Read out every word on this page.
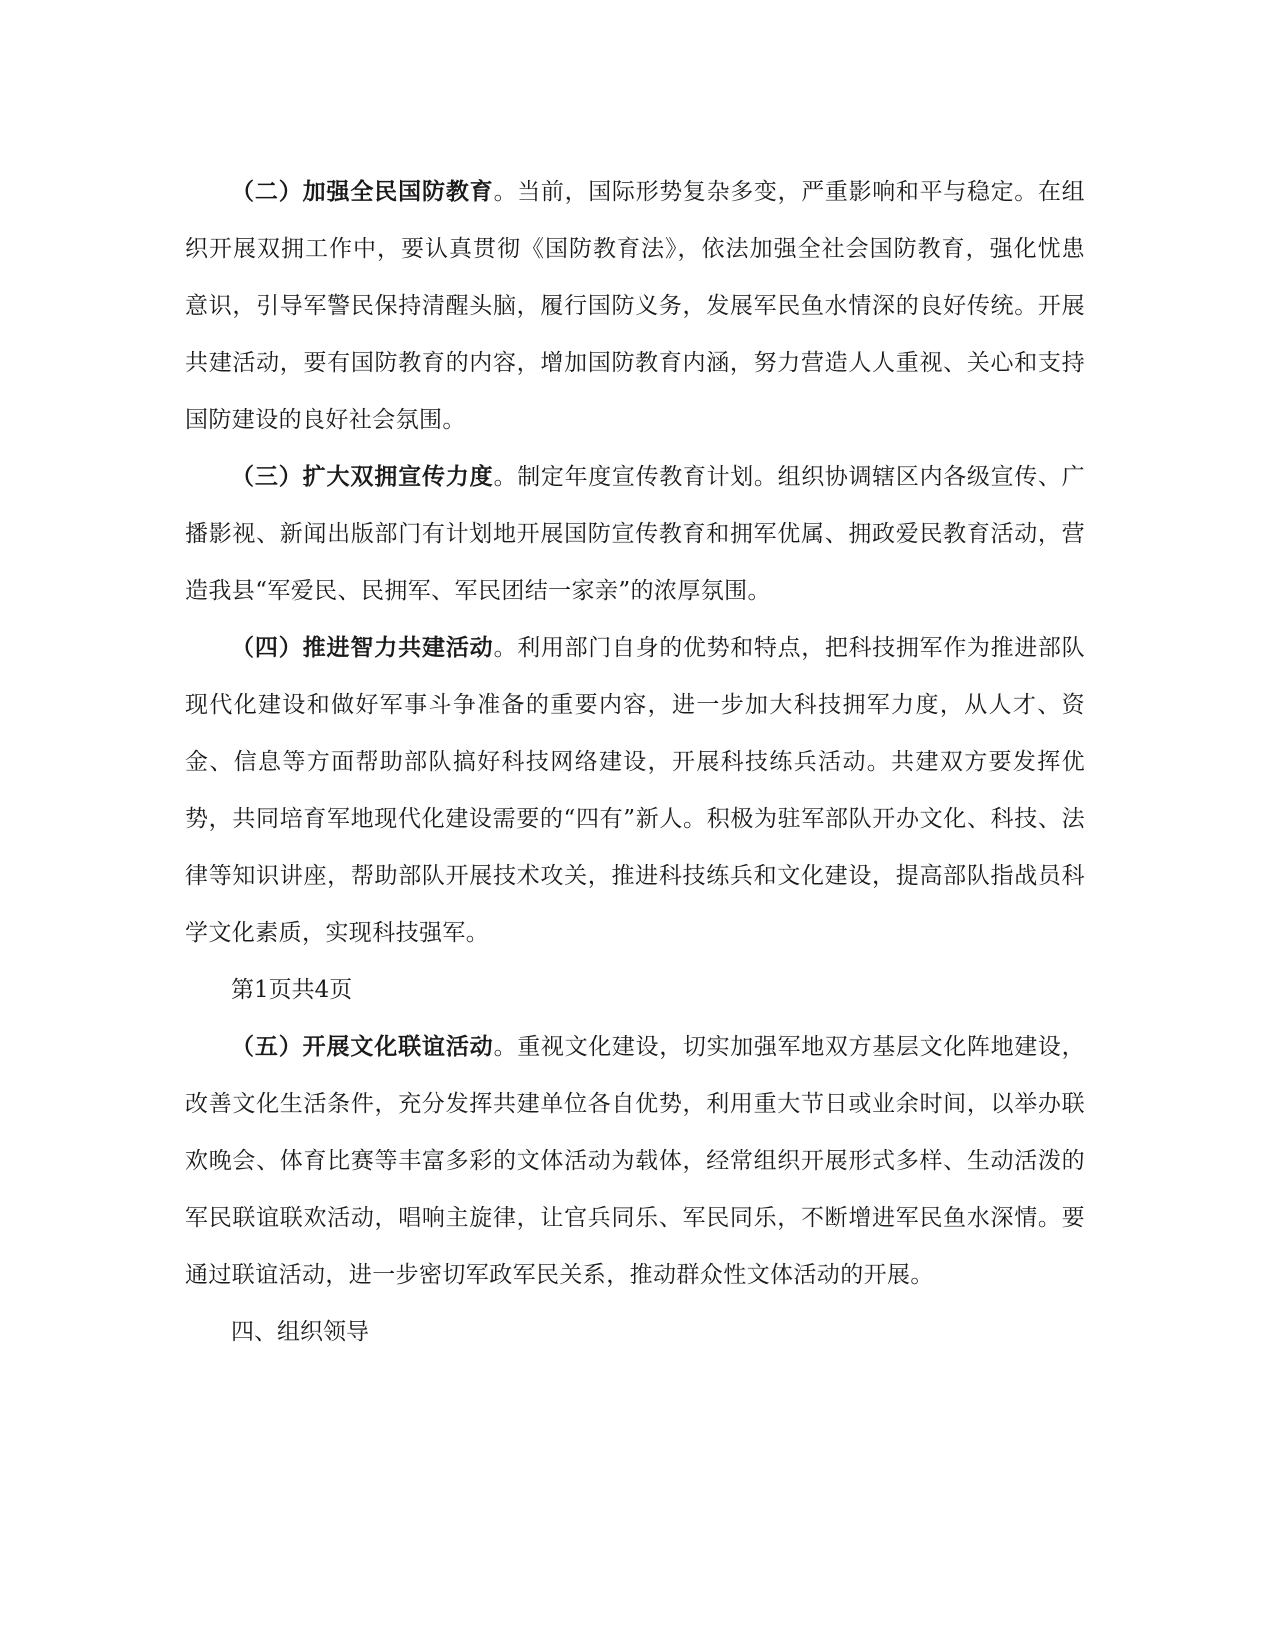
（二）加强全民国防教育。当前，国际形势复杂多变，严重影响和平与稳定。在组织开展双拥工作中，要认真贯彻《国防教育法》，依法加强全社会国防教育，强化忧患意识，引导军警民保持清醒头脑，履行国防义务，发展军民鱼水情深的良好传统。开展共建活动，要有国防教育的内容，增加国防教育内涵，努力营造人人重视、关心和支持国防建设的良好社会氛围。

（三）扩大双拥宣传力度。制定年度宣传教育计划。组织协调辖区内各级宣传、广播影视、新闻出版部门有计划地开展国防宣传教育和拥军优属、拥政爱民教育活动，营造我县“军爱民、民拥军、军民团结一家亲”的浓厚氛围。

（四）推进智力共建活动。利用部门自身的优势和特点，把科技拥军作为推进部队现代化建设和做好军事斗争准备的重要内容，进一步加大科技拥军力度，从人才、资金、信息等方面帮助部队搞好科技网络建设，开展科技练兵活动。共建双方要发挥优势，共同培育军地现代化建设需要的“四有”新人。积极为驻军部队开办文化、科技、法律等知识讲座，帮助部队开展技术攻关，推进科技练兵和文化建设，提高部队指战员科学文化素质，实现科技强军。

第1页共4页

（五）开展文化联谊活动。重视文化建设，切实加强军地双方基层文化阵地建设，改善文化生活条件，充分发挥共建单位各自优势，利用重大节日或业余时间，以举办联欢晚会、体育比赛等丰富多彩的文体活动为载体，经常组织开展形式多样、生动活泼的军民联谊联欢活动，唱响主旋律，让官兵同乐、军民同乐，不断增进军民鱼水深情。要通过联谊活动，进一步密切军政军民关系，推动群众性文体活动的开展。

四、组织领导
